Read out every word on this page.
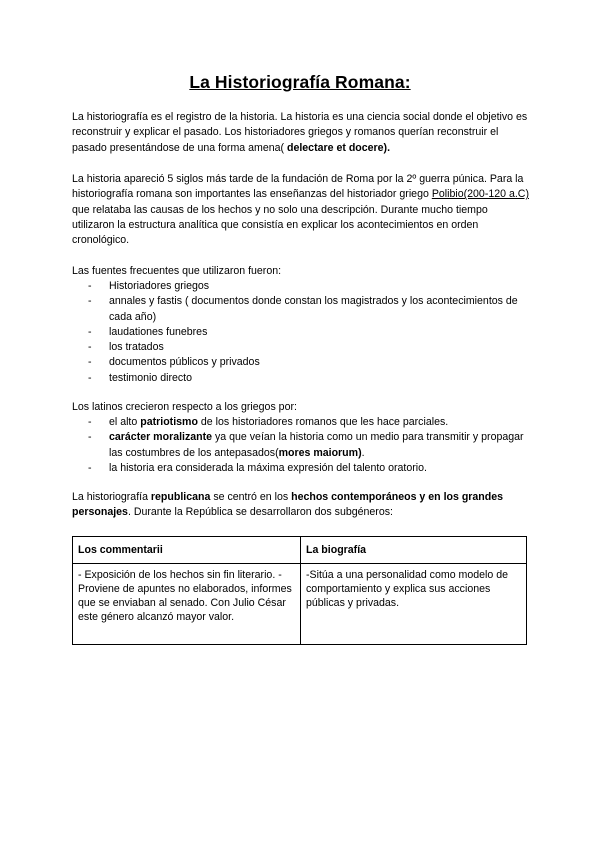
La Historiografía Romana:

La historiografía es el registro de la historia. La historia es una ciencia social donde el objetivo es reconstruir y explicar el pasado. Los historiadores griegos y romanos querían reconstruir el pasado presentándose de una forma amena( delectare et docere).

La historia apareció 5 siglos más tarde de la fundación de Roma por la 2º guerra púnica. Para la historiografía romana son importantes las enseñanzas del historiador griego Polibio(200-120 a.C) que relataba las causas de los hechos y no solo una descripción. Durante mucho tiempo utilizaron la estructura analítica que consistía en explicar los acontecimientos en orden cronológico.

Las fuentes frecuentes que utilizaron fueron:

- Historiadores griegos
- annales y fastis ( documentos donde constan los magistrados y los acontecimientos de cada año)
- laudationes funebres
- los tratados
- documentos públicos y privados
- testimonio directo

Los latinos crecieron respecto a los griegos por:

- el alto patriotismo de los historiadores romanos que les hace parciales.
- carácter moralizante ya que veían la historia como un medio para transmitir y propagar las costumbres de los antepasados(mores maiorum).
- la historia era considerada la máxima expresión del talento oratorio.

La historiografía republicana se centró en los hechos contemporáneos y en los grandes personajes. Durante la República se desarrollaron dos subgéneros:

Los commentarii	La biografía
- Exposición de los hechos sin fin literario. -Proviene de apuntes no elaborados, informes que se enviaban al senado. Con Julio César este género alcanzó mayor valor.	-Sitúa a una personalidad como modelo de comportamiento y explica sus acciones públicas y privadas.
